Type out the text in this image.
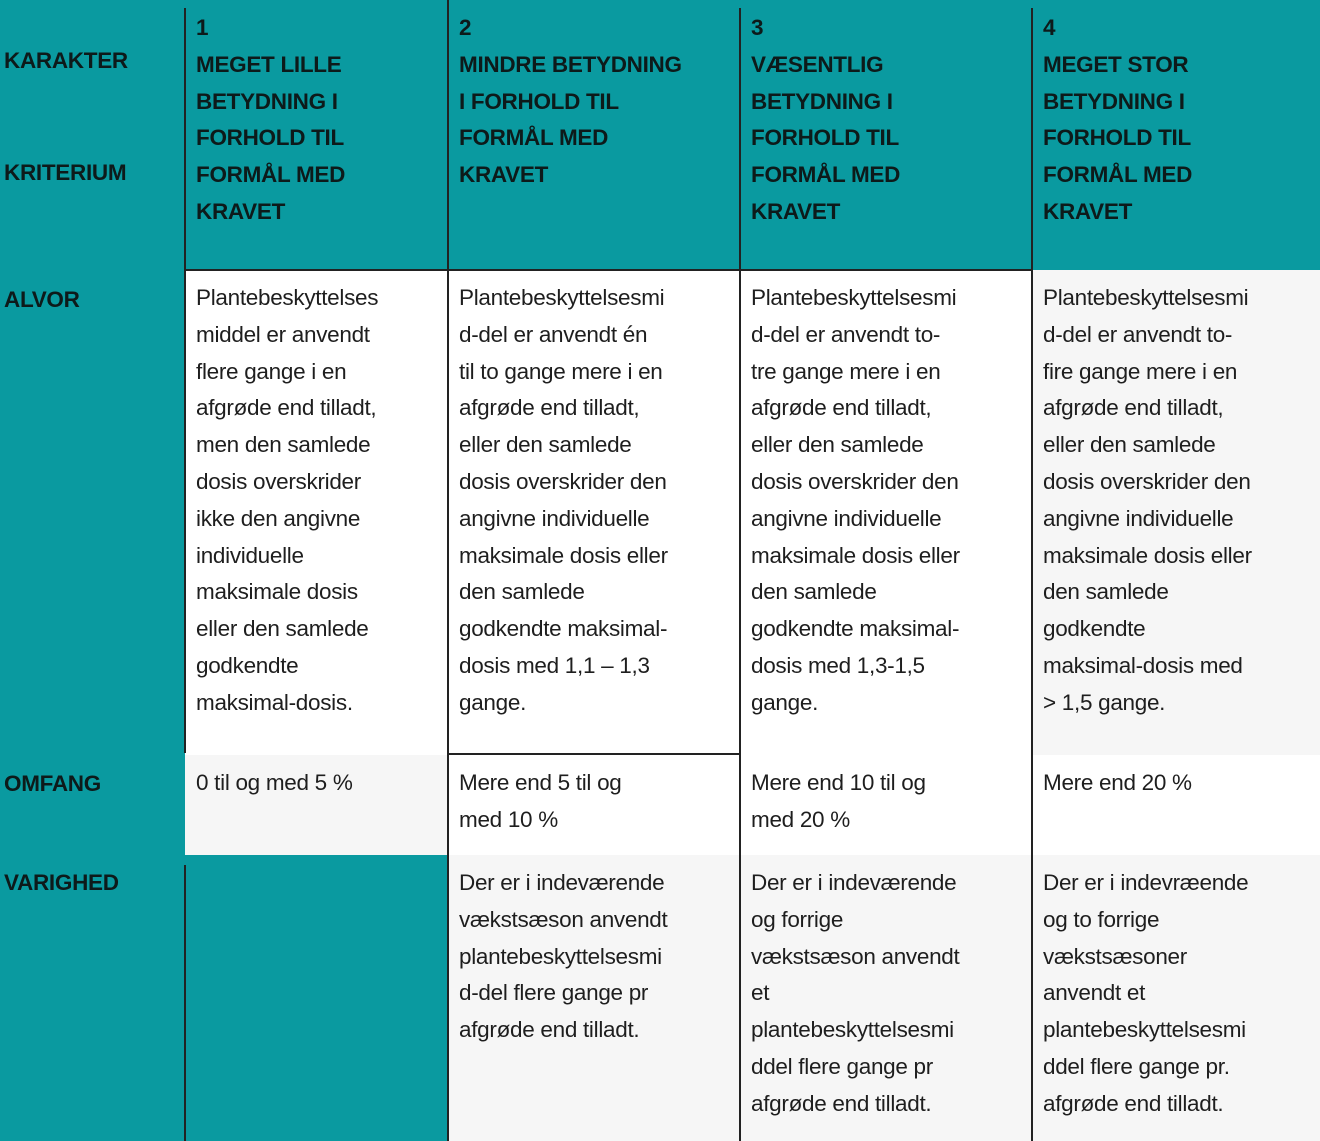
KARAKTER
KRITERIUM
ALVOR
OMFANG
VARIGHED
1
MEGET LILLE
BETYDNING I
FORHOLD TIL
FORMÅL MED
KRAVET
2
MINDRE BETYDNING
I FORHOLD TIL
FORMÅL MED
KRAVET
3
VÆSENTLIG
BETYDNING I
FORHOLD TIL
FORMÅL MED
KRAVET
4
MEGET STOR
BETYDNING I
FORHOLD TIL
FORMÅL MED
KRAVET
Plantebeskyttelses
middel er anvendt
flere gange i en
afgrøde end tilladt,
men den samlede
dosis overskrider
ikke den angivne
individuelle
maksimale dosis
eller den samlede
godkendte
maksimal-dosis.
Plantebeskyttelsesmi
d-del er anvendt én
til to gange mere i en
afgrøde end tilladt,
eller den samlede
dosis overskrider den
angivne individuelle
maksimale dosis eller
den samlede
godkendte maksimal-
dosis med 1,1 – 1,3
gange.
Plantebeskyttelsesmi
d-del er anvendt to-
tre gange mere i en
afgrøde end tilladt,
eller den samlede
dosis overskrider den
angivne individuelle
maksimale dosis eller
den samlede
godkendte maksimal-
dosis med 1,3-1,5
gange.
Plantebeskyttelsesmi
d-del er anvendt to-
fire gange mere i en
afgrøde end tilladt,
eller den samlede
dosis overskrider den
angivne individuelle
maksimale dosis eller
den samlede
godkendte
maksimal-dosis med
> 1,5 gange.
0 til og med 5 %	Mere end 5 til og
med 10 %
Mere end 10 til og
med 20 %
Mere end 20 %
Der er i indeværende
vækstsæson anvendt
plantebeskyttelsesmi
d-del flere gange pr
afgrøde end tilladt.
Der er i indeværende
og forrige
vækstsæson anvendt
et
plantebeskyttelsesmi
ddel flere gange pr
afgrøde end tilladt.
Der er i indevræende
og to forrige
vækstsæsoner
anvendt et
plantebeskyttelsesmi
ddel flere gange pr.
afgrøde end tilladt.
